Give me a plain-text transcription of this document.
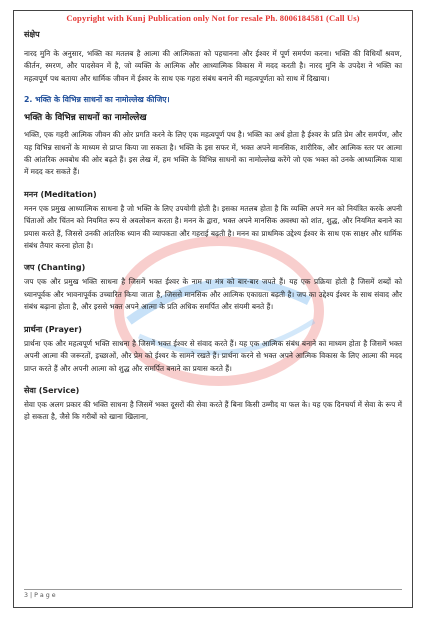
Copyright with Kunj Publication only Not for resale Ph. 8006184581 (Call Us)
संक्षेप

नारद मुनि के अनुसार, भक्ति का मतलब है आत्मा की आत्मिकता को पहचानना और ईश्वर में पूर्ण समर्पण करना। भक्ति की विधियाँ श्रवण, कीर्तन, स्मरण, और पादसेवन में है, जो व्यक्ति के आत्मिक और आध्यात्मिक विकास में मदद करती है। नारद मुनि के उपदेश ने भक्ति का महत्वपूर्ण पथ बताया और धार्मिक जीवन में ईश्वर के साथ एक गहरा संबंध बनाने की महत्वपूर्णता को साथ में दिखाया।

2. भक्ति के विभिन्न साधनों का नामोल्लेख कीजिए।
भक्ति के विभिन्न साधनों का नामोल्लेख

भक्ति, एक गहरी आत्मिक जीवन की ओर प्रगति करने के लिए एक महत्वपूर्ण पथ है। भक्ति का अर्थ होता है ईश्वर के प्रति प्रेम और समर्पण, और यह विभिन्न साधनों के माध्यम से प्राप्त किया जा सकता है। भक्ति के इस सफर में, भक्त अपने मानसिक, शारीरिक, और आत्मिक स्तर पर आत्मा की आंतरिक अवबोध की ओर बढ़ते हैं। इस लेख में, हम भक्ति के विभिन्न साधनों का नामोल्लेख करेंगे जो एक भक्त को उनके आध्यात्मिक यात्रा में मदद कर सकते हैं।

मनन (Meditation)

मनन एक प्रमुख आध्यात्मिक साधना है जो भक्ति के लिए उपयोगी होती है। इसका मतलब होता है कि व्यक्ति अपने मन को नियंत्रित करके अपनी चिंताओं और चिंतन को नियमित रूप से अवलोकन करता है। मनन के द्वारा, भक्त अपने मानसिक अवस्था को शांत, शुद्ध, और नियमित बनाने का प्रयास करते हैं, जिससे उनकी आंतरिक ध्यान की व्यापकता और गहराई बढ़ती है। मनन का प्राथमिक उद्देश्य ईश्वर के साथ एक साक्षर और धार्मिक संबंध तैयार करना होता है।

जप (Chanting)

जप एक और प्रमुख भक्ति साधना है जिसमें भक्त ईश्वर के नाम या मंत्र को बार-बार जपते हैं। यह एक प्रक्रिया होती है जिसमें शब्दों को ध्यानपूर्वक और भावनापूर्वक उच्चारित किया जाता है, जिससे मानसिक और आत्मिक एकाग्रता बढ़ती है। जप का उद्देश्य ईश्वर के साथ संवाद और संबंध बढ़ाना होता है, और इससे भक्त अपने आत्मा के प्रति अधिक समर्पित और संयमी बनते हैं।

प्रार्थना (Prayer)

प्रार्थना एक और महत्वपूर्ण भक्ति साधना है जिसमें भक्त ईश्वर से संवाद करते हैं। यह एक आत्मिक संबंध बनाने का माध्यम होता है जिसमें भक्त अपनी आत्मा की जरूरतों, इच्छाओं, और प्रेम को ईश्वर के सामने रखते हैं। प्रार्थना करने से भक्त अपने आत्मिक विकास के लिए आत्मा की मदद प्राप्त करते हैं और अपनी आत्मा को शुद्ध और समर्पित बनाने का प्रयास करते हैं।

सेवा (Service)

सेवा एक अलग प्रकार की भक्ति साधना है जिसमें भक्त दूसरों की सेवा करते हैं बिना किसी उम्मीद या फल के। यह एक दिनचर्या में सेवा के रूप में हो सकता है, जैसे कि गरीबों को खाना खिलाना,

3 | P a g e
